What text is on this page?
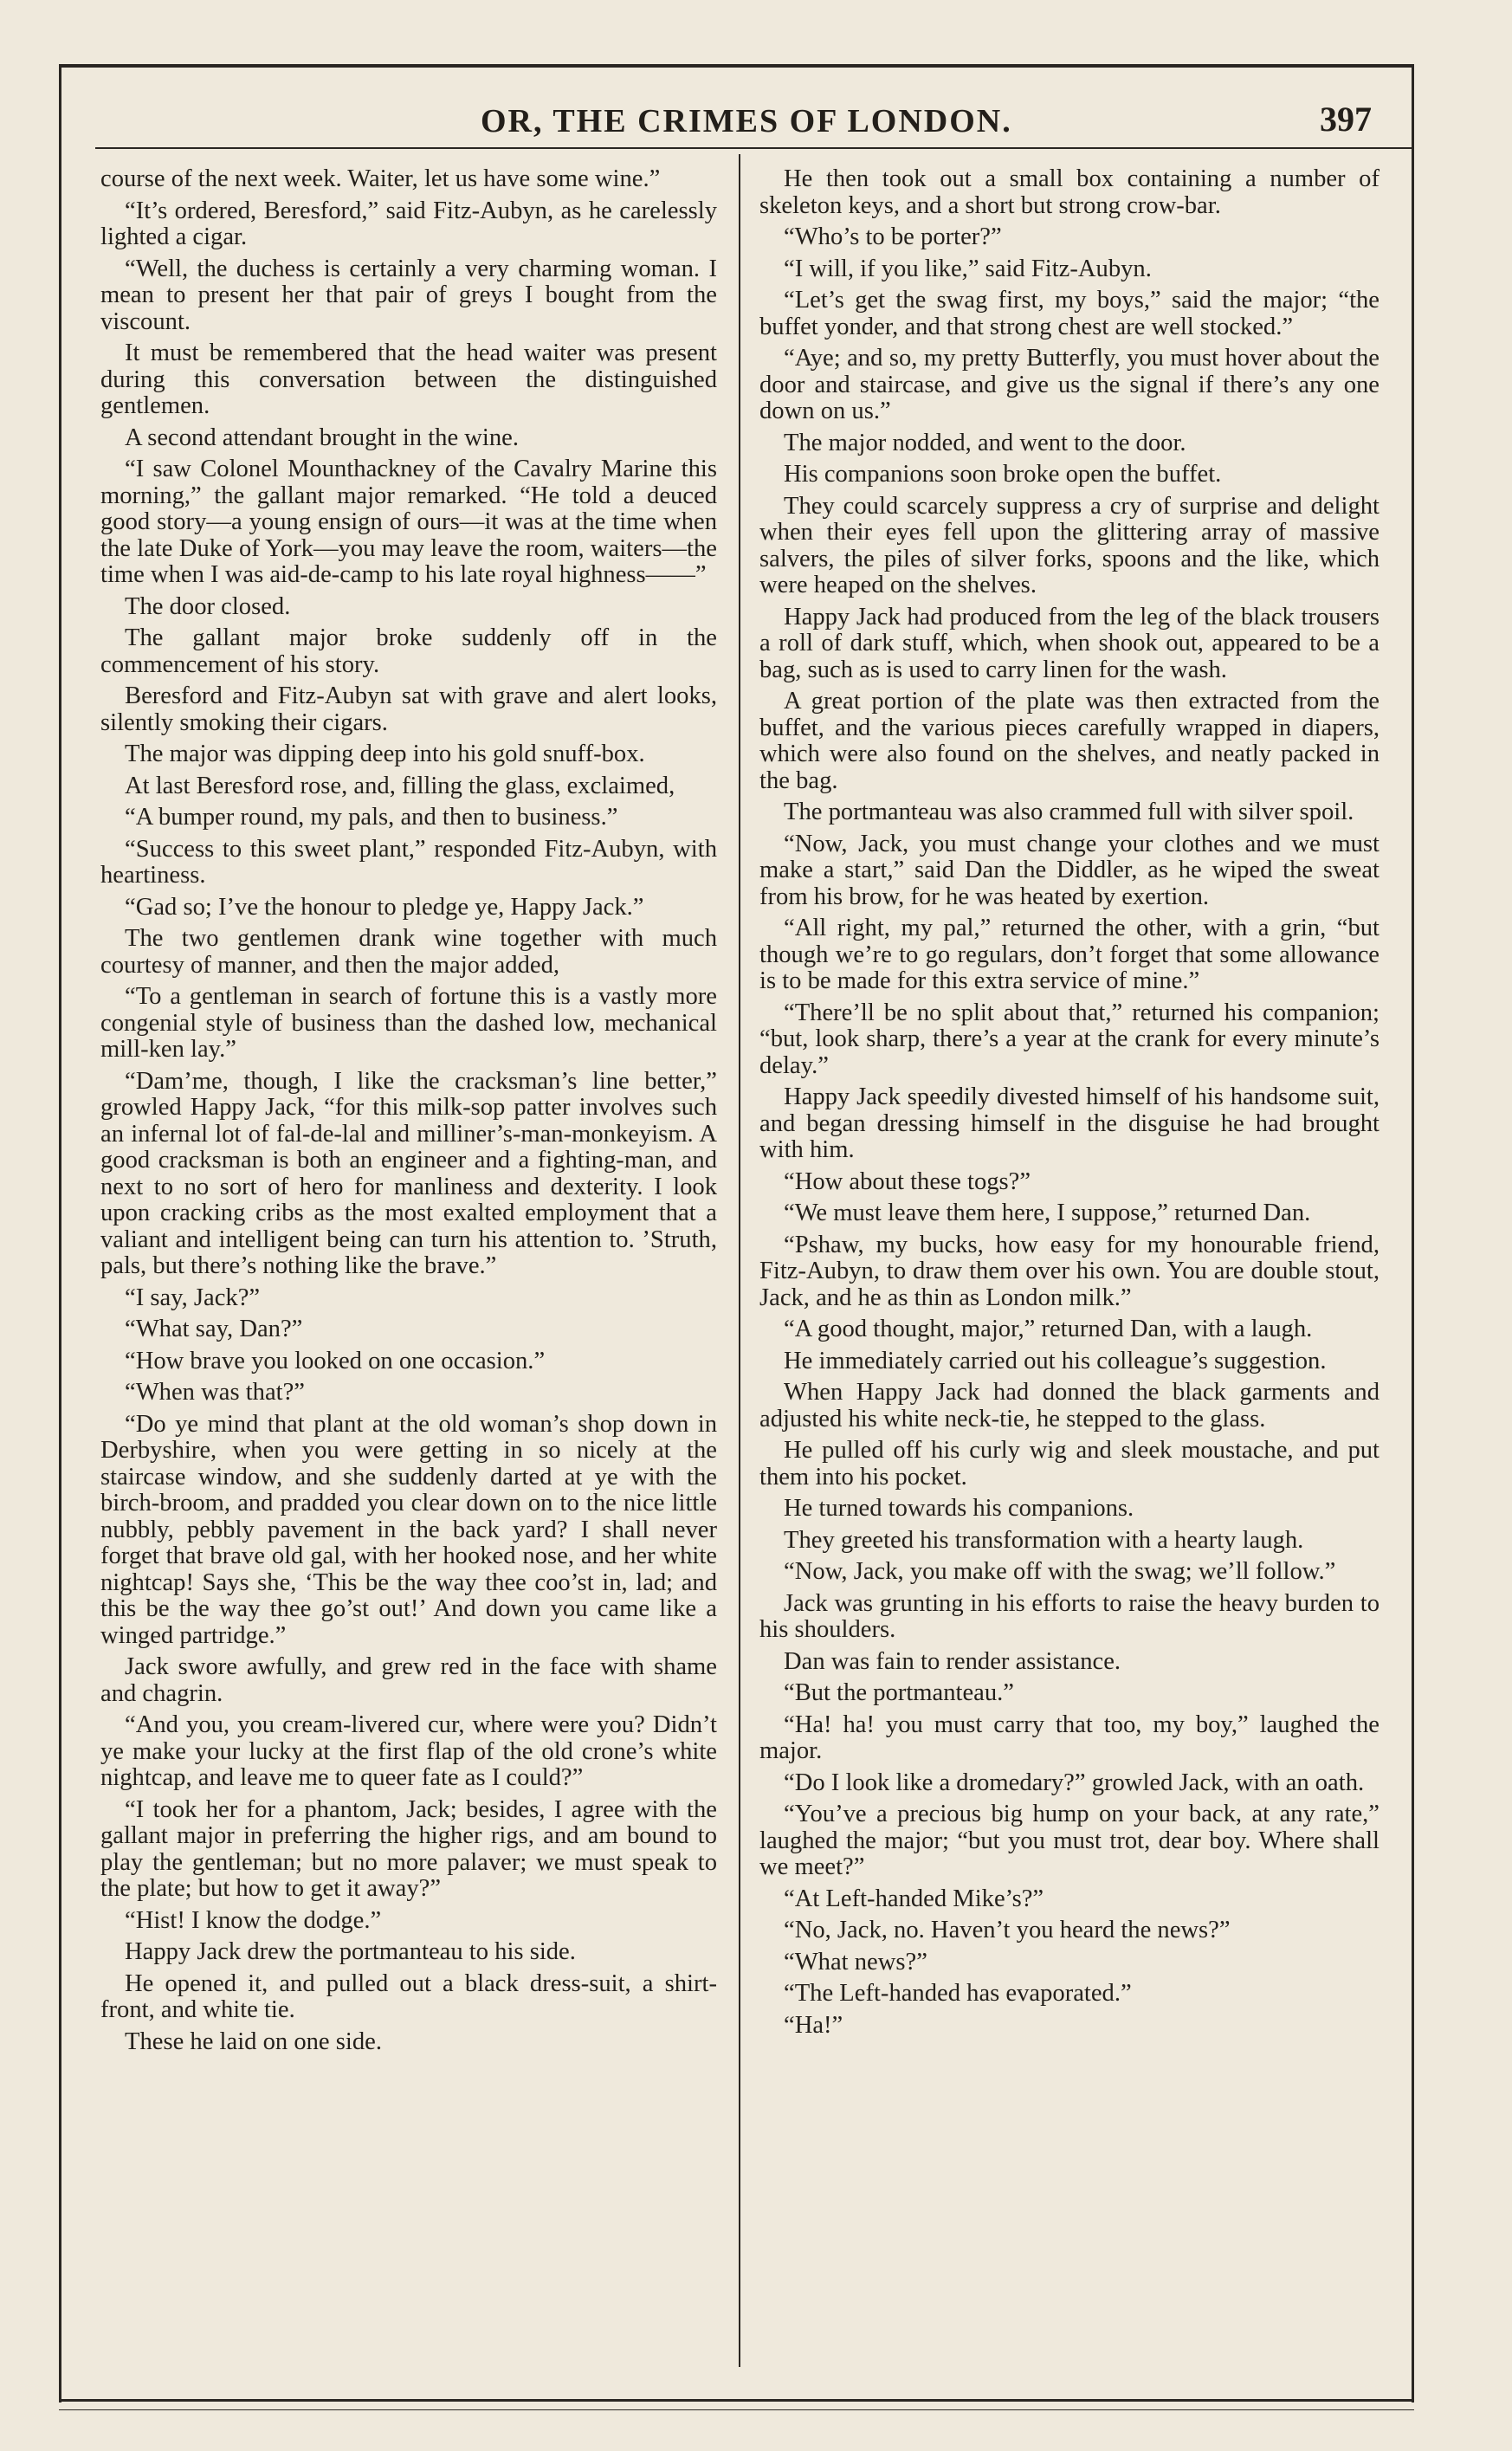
OR, THE CRIMES OF LONDON.	397

course of the next week. Waiter, let us have some wine.”

“It’s ordered, Beresford,” said Fitz-Aubyn, as he carelessly lighted a cigar.

“Well, the duchess is certainly a very charming woman. I mean to present her that pair of greys I bought from the viscount.

It must be remembered that the head waiter was present during this conversation between the distinguished gentlemen.

A second attendant brought in the wine.

“I saw Colonel Mounthackney of the Cavalry Marine this morning,” the gallant major remarked. “He told a deuced good story—a young ensign of ours—it was at the time when the late Duke of York—you may leave the room, waiters—the time when I was aid-de-camp to his late royal highness——”

The door closed.

The gallant major broke suddenly off in the commencement of his story.

Beresford and Fitz-Aubyn sat with grave and alert looks, silently smoking their cigars.

The major was dipping deep into his gold snuff-box.

At last Beresford rose, and, filling the glass, exclaimed,

“A bumper round, my pals, and then to business.”

“Success to this sweet plant,” responded Fitz-Aubyn, with heartiness.

“Gad so; I’ve the honour to pledge ye, Happy Jack.”

The two gentlemen drank wine together with much courtesy of manner, and then the major added,

“To a gentleman in search of fortune this is a vastly more congenial style of business than the dashed low, mechanical mill-ken lay.”

“Dam’me, though, I like the cracksman’s line better,” growled Happy Jack, “for this milk-sop patter involves such an infernal lot of fal-de-lal and milliner’s-man-monkeyism. A good cracksman is both an engineer and a fighting-man, and next to no sort of hero for manliness and dexterity. I look upon cracking cribs as the most exalted employment that a valiant and intelligent being can turn his attention to. ’Struth, pals, but there’s nothing like the brave.”

“I say, Jack?”

“What say, Dan?”

“How brave you looked on one occasion.”

“When was that?”

“Do ye mind that plant at the old woman’s shop down in Derbyshire, when you were getting in so nicely at the staircase window, and she suddenly darted at ye with the birch-broom, and pradded you clear down on to the nice little nubbly, pebbly pavement in the back yard? I shall never forget that brave old gal, with her hooked nose, and her white nightcap! Says she, ‘This be the way thee coo’st in, lad; and this be the way thee go’st out!’ And down you came like a winged partridge.”

Jack swore awfully, and grew red in the face with shame and chagrin.

“And you, you cream-livered cur, where were you? Didn’t ye make your lucky at the first flap of the old crone’s white nightcap, and leave me to queer fate as I could?”

“I took her for a phantom, Jack; besides, I agree with the gallant major in preferring the higher rigs, and am bound to play the gentleman; but no more palaver; we must speak to the plate; but how to get it away?”

“Hist! I know the dodge.”

Happy Jack drew the portmanteau to his side.

He opened it, and pulled out a black dress-suit, a shirt-front, and white tie.

These he laid on one side.

He then took out a small box containing a number of skeleton keys, and a short but strong crow-bar.

“Who’s to be porter?”

“I will, if you like,” said Fitz-Aubyn.

“Let’s get the swag first, my boys,” said the major; “the buffet yonder, and that strong chest are well stocked.”

“Aye; and so, my pretty Butterfly, you must hover about the door and staircase, and give us the signal if there’s any one down on us.”

The major nodded, and went to the door.

His companions soon broke open the buffet.

They could scarcely suppress a cry of surprise and delight when their eyes fell upon the glittering array of massive salvers, the piles of silver forks, spoons and the like, which were heaped on the shelves.

Happy Jack had produced from the leg of the black trousers a roll of dark stuff, which, when shook out, appeared to be a bag, such as is used to carry linen for the wash.

A great portion of the plate was then extracted from the buffet, and the various pieces carefully wrapped in diapers, which were also found on the shelves, and neatly packed in the bag.

The portmanteau was also crammed full with silver spoil.

“Now, Jack, you must change your clothes and we must make a start,” said Dan the Diddler, as he wiped the sweat from his brow, for he was heated by exertion.

“All right, my pal,” returned the other, with a grin, “but though we’re to go regulars, don’t forget that some allowance is to be made for this extra service of mine.”

“There’ll be no split about that,” returned his companion; “but, look sharp, there’s a year at the crank for every minute’s delay.”

Happy Jack speedily divested himself of his handsome suit, and began dressing himself in the disguise he had brought with him.

“How about these togs?”

“We must leave them here, I suppose,” returned Dan.

“Pshaw, my bucks, how easy for my honourable friend, Fitz-Aubyn, to draw them over his own. You are double stout, Jack, and he as thin as London milk.”

“A good thought, major,” returned Dan, with a laugh.

He immediately carried out his colleague’s suggestion.

When Happy Jack had donned the black garments and adjusted his white neck-tie, he stepped to the glass.

He pulled off his curly wig and sleek moustache, and put them into his pocket.

He turned towards his companions.

They greeted his transformation with a hearty laugh.

“Now, Jack, you make off with the swag; we’ll follow.”

Jack was grunting in his efforts to raise the heavy burden to his shoulders.

Dan was fain to render assistance.

“But the portmanteau.”

“Ha! ha! you must carry that too, my boy,” laughed the major.

“Do I look like a dromedary?” growled Jack, with an oath.

“You’ve a precious big hump on your back, at any rate,” laughed the major; “but you must trot, dear boy. Where shall we meet?”

“At Left-handed Mike’s?”

“No, Jack, no. Haven’t you heard the news?”

“What news?”

“The Left-handed has evaporated.”

“Ha!”
